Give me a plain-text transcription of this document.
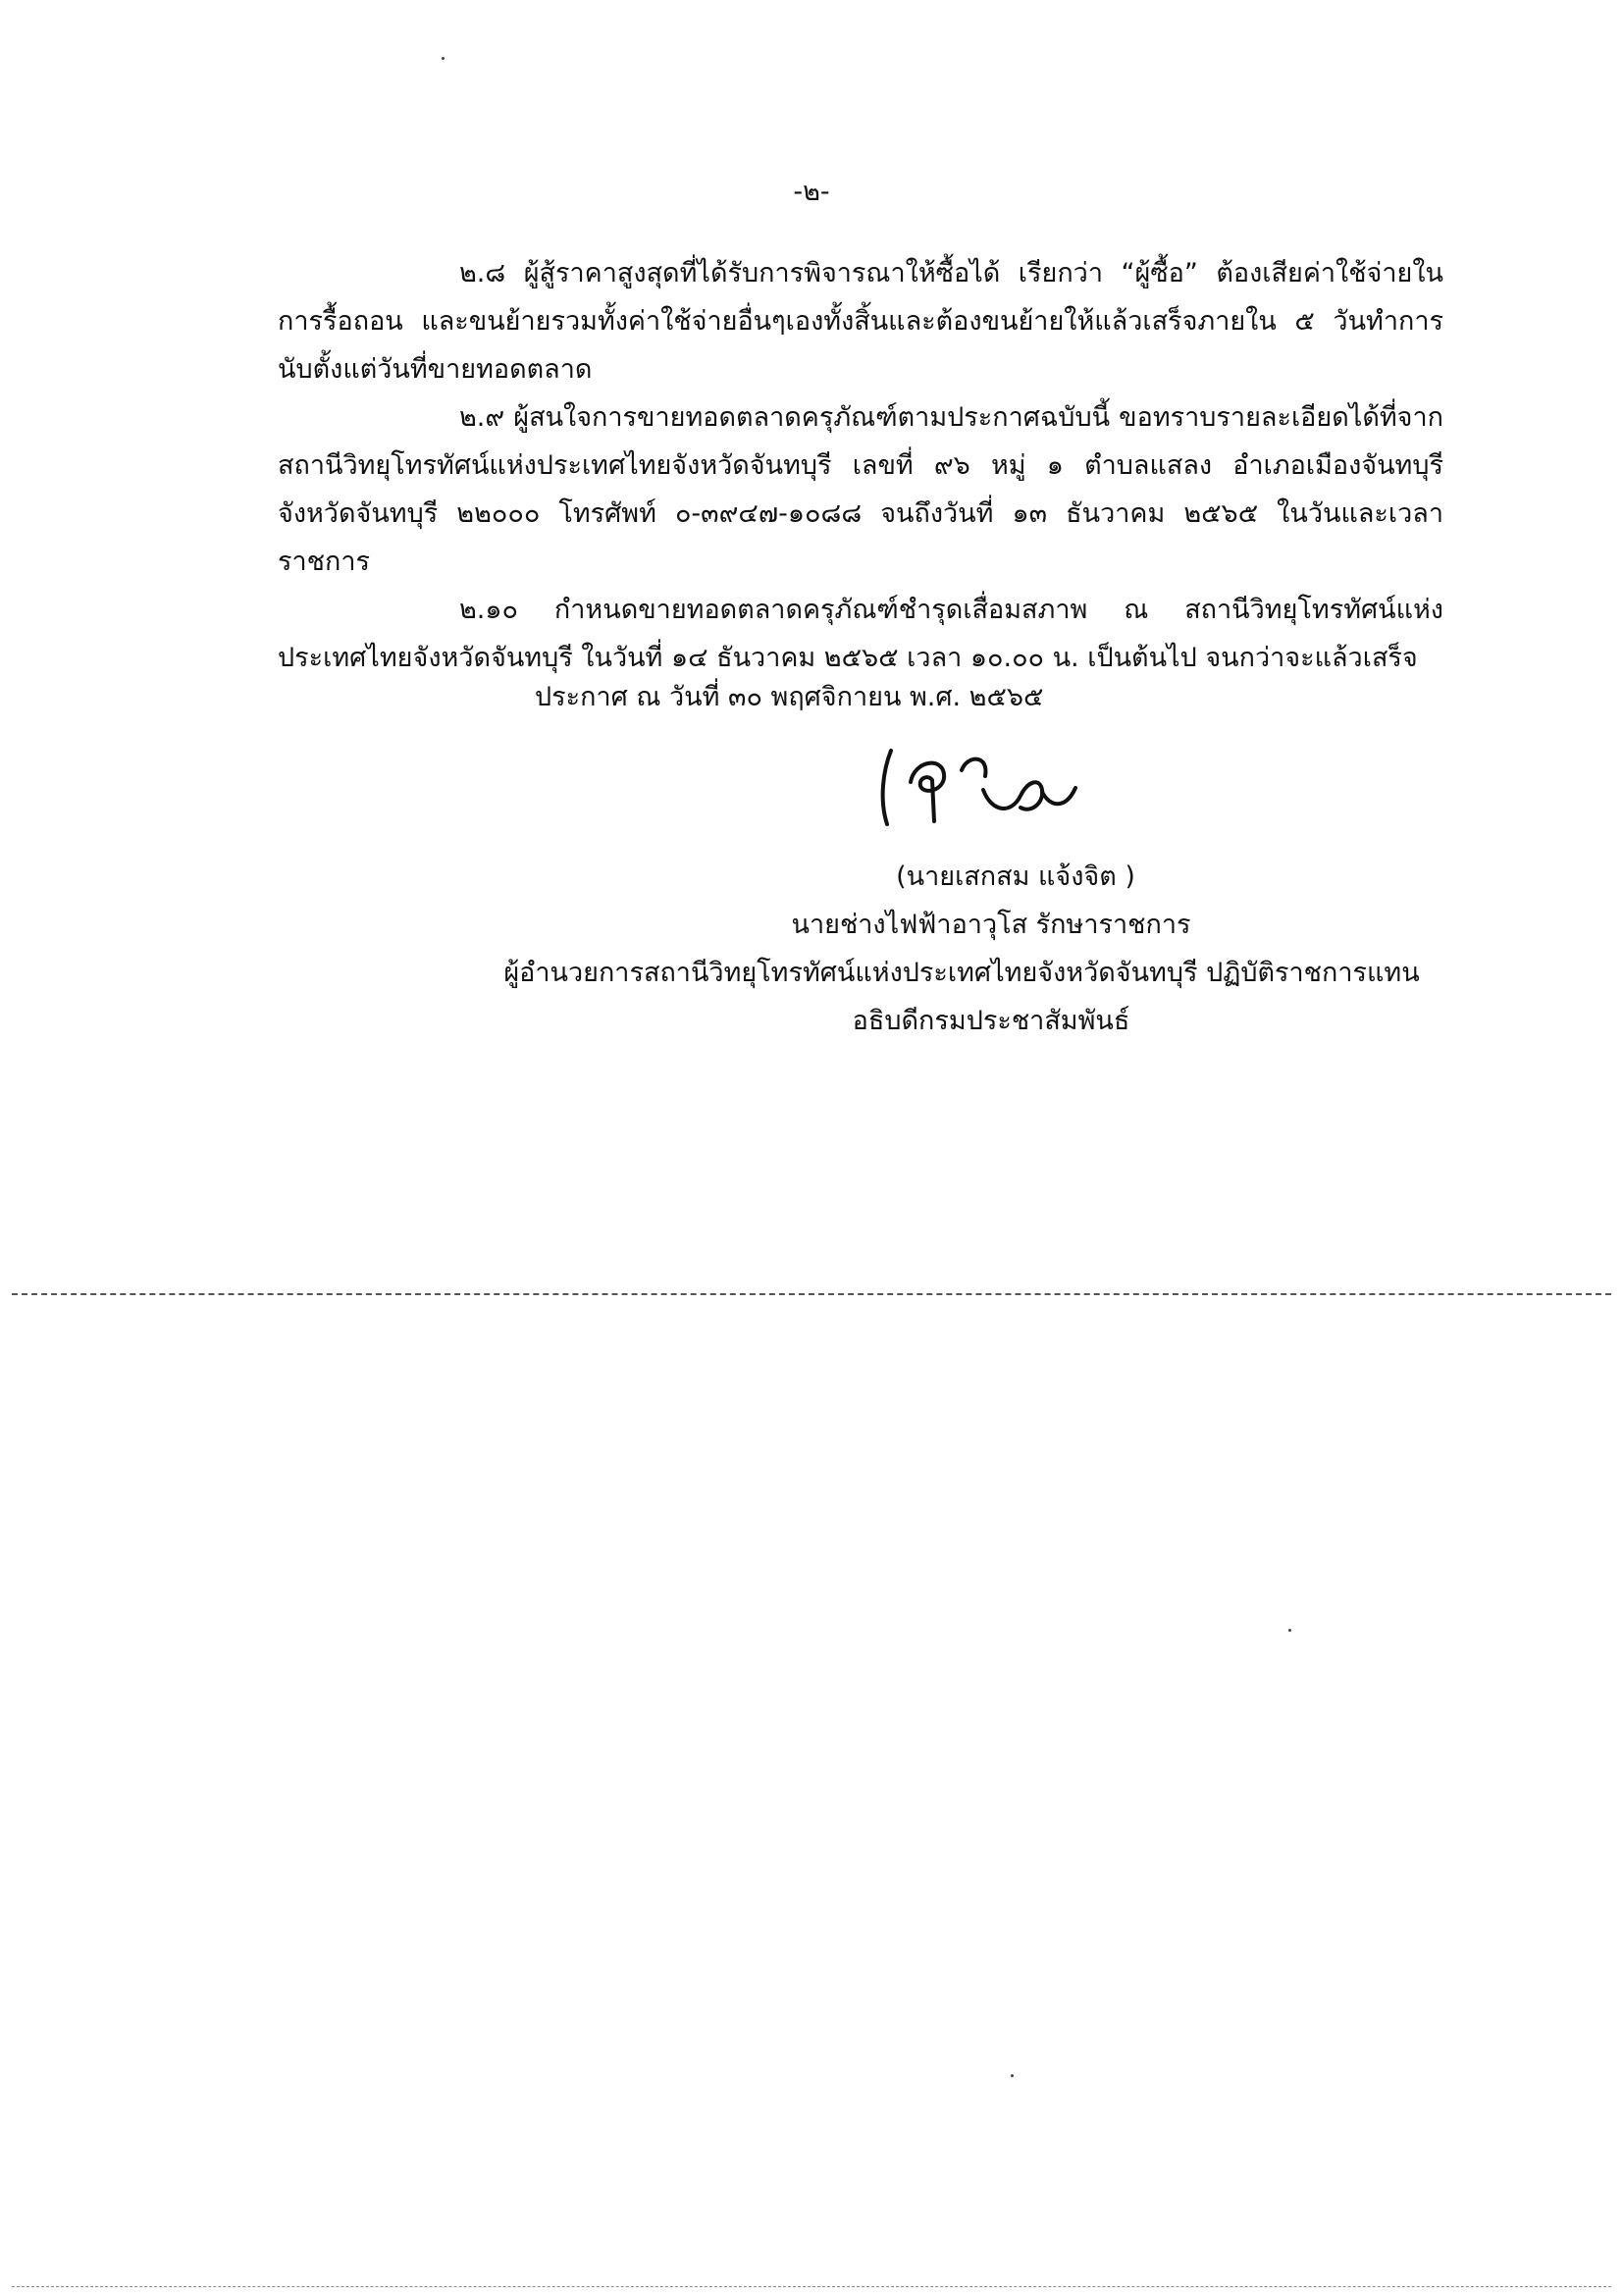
-๒-

๒.๘ ผู้สู้ราคาสูงสุดที่ได้รับการพิจารณาให้ซื้อได้ เรียกว่า “ผู้ซื้อ” ต้องเสียค่าใช้จ่ายในการรื้อถอน และขนย้ายรวมทั้งค่าใช้จ่ายอื่นๆเองทั้งสิ้นและต้องขนย้ายให้แล้วเสร็จภายใน ๕ วันทำการ นับตั้งแต่วันที่ขายทอดตลาด

๒.๙ ผู้สนใจการขายทอดตลาดครุภัณฑ์ตามประกาศฉบับนี้ ขอทราบรายละเอียดได้ที่จาก สถานีวิทยุโทรทัศน์แห่งประเทศไทยจังหวัดจันทบุรี เลขที่ ๙๖ หมู่ ๑ ตำบลแสลง อำเภอเมืองจันทบุรี จังหวัดจันทบุรี ๒๒๐๐๐ โทรศัพท์ ๐-๓๙๔๗-๑๐๘๘ จนถึงวันที่ ๑๓ ธันวาคม ๒๕๖๕ ในวันและเวลาราชการ

๒.๑๐ กำหนดขายทอดตลาดครุภัณฑ์ชำรุดเสื่อมสภาพ ณ สถานีวิทยุโทรทัศน์แห่งประเทศไทยจังหวัดจันทบุรี ในวันที่ ๑๔ ธันวาคม ๒๕๖๕ เวลา ๑๐.๐๐ น. เป็นต้นไป จนกว่าจะแล้วเสร็จ

ประกาศ ณ วันที่ ๓๐ พฤศจิกายน พ.ศ. ๒๕๖๕
(นายเสกสม แจ้งจิต )
นายช่างไฟฟ้าอาวุโส รักษาราชการ
ผู้อำนวยการสถานีวิทยุโทรทัศน์แห่งประเทศไทยจังหวัดจันทบุรี ปฏิบัติราชการแทน
อธิบดีกรมประชาสัมพันธ์
